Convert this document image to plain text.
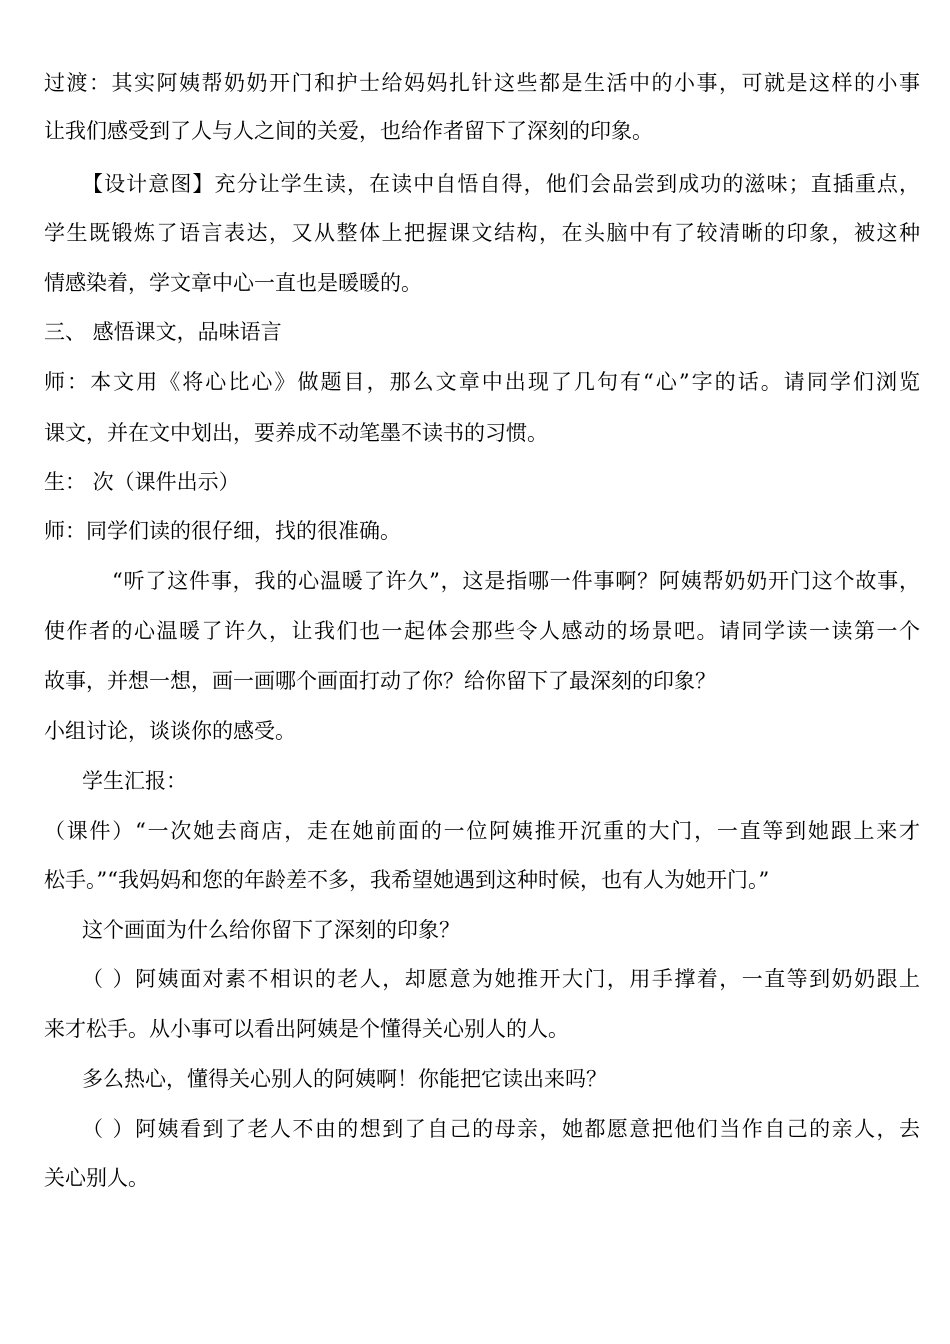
过渡：其实阿姨帮奶奶开门和护士给妈妈扎针这些都是生活中的小事，可就是这样的小事
让我们感受到了人与人之间的关爱，也给作者留下了深刻的印象。
【设计意图】充分让学生读，在读中自悟自得，他们会品尝到成功的滋味；直插重点，
学生既锻炼了语言表达，又从整体上把握课文结构，在头脑中有了较清晰的印象，被这种
情感染着，学文章中心一直也是暖暖的。
三、 感悟课文，品味语言
师：本文用《将心比心》做题目，那么文章中出现了几句有“心”字的话。请同学们浏览
课文，并在文中划出，要养成不动笔墨不读书的习惯。
生： 次（课件出示）
师：同学们读的很仔细，找的很准确。
“听了这件事，我的心温暖了许久”，这是指哪一件事啊？阿姨帮奶奶开门这个故事，
使作者的心温暖了许久，让我们也一起体会那些令人感动的场景吧。请同学读一读第一个
故事，并想一想，画一画哪个画面打动了你？给你留下了最深刻的印象？
小组讨论，谈谈你的感受。
学生汇报：
（课件）“一次她去商店，走在她前面的一位阿姨推开沉重的大门，一直等到她跟上来才
松手。”“我妈妈和您的年龄差不多，我希望她遇到这种时候，也有人为她开门。”
这个画面为什么给你留下了深刻的印象？
（ ）阿姨面对素不相识的老人，却愿意为她推开大门，用手撑着，一直等到奶奶跟上
来才松手。从小事可以看出阿姨是个懂得关心别人的人。
多么热心，懂得关心别人的阿姨啊！你能把它读出来吗？
（ ）阿姨看到了老人不由的想到了自己的母亲，她都愿意把他们当作自己的亲人，去
关心别人。
